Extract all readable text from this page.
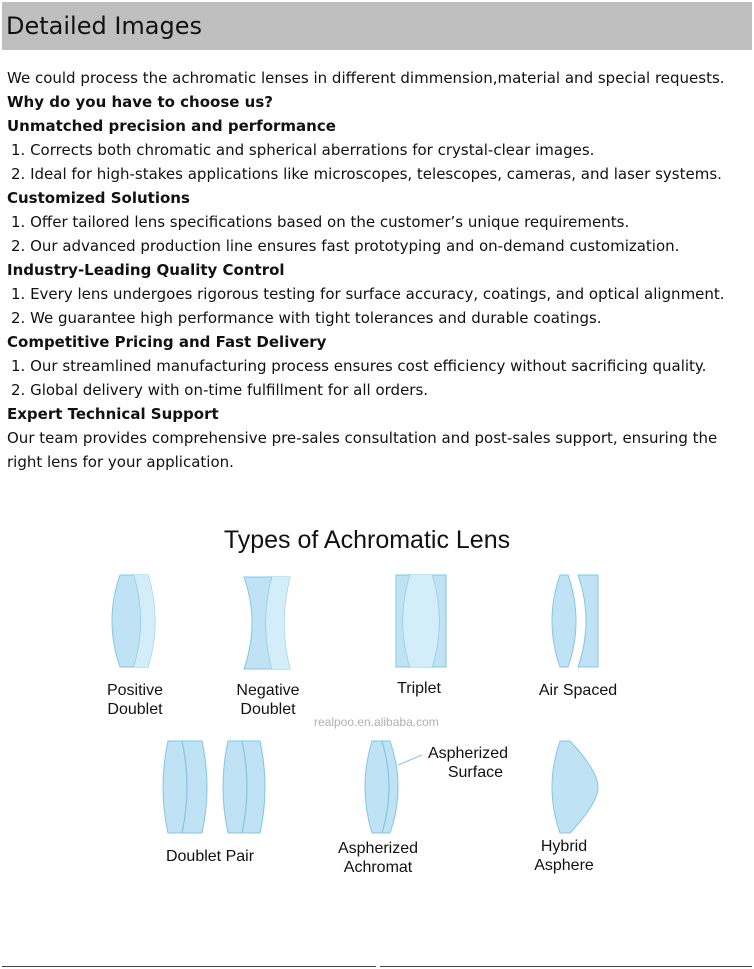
Detailed Images
We could process the achromatic lenses in different dimmension,material and special requests.
Why do you have to choose us?
Unmatched precision and performance
1. Corrects both chromatic and spherical aberrations for crystal-clear images.
2. Ideal for high-stakes applications like microscopes, telescopes, cameras, and laser systems.
Customized Solutions
1. Offer tailored lens specifications based on the customer’s unique requirements.
2. Our advanced production line ensures fast prototyping and on-demand customization.
Industry-Leading Quality Control
1. Every lens undergoes rigorous testing for surface accuracy, coatings, and optical alignment.
2. We guarantee high performance with tight tolerances and durable coatings.
Competitive Pricing and Fast Delivery
1. Our streamlined manufacturing process ensures cost efficiency without sacrificing quality.
2. Global delivery with on-time fulfillment for all orders.
Expert Technical Support
Our team provides comprehensive pre-sales consultation and post-sales support, ensuring the right lens for your application.
Types of Achromatic Lens
Positive
Doublet
Negative
Doublet
Triplet	Air Spaced
realpoo.en.alibaba.com
Doublet Pair
Aspherized
Surface
Aspherized
Achromat
Hybrid
Asphere
